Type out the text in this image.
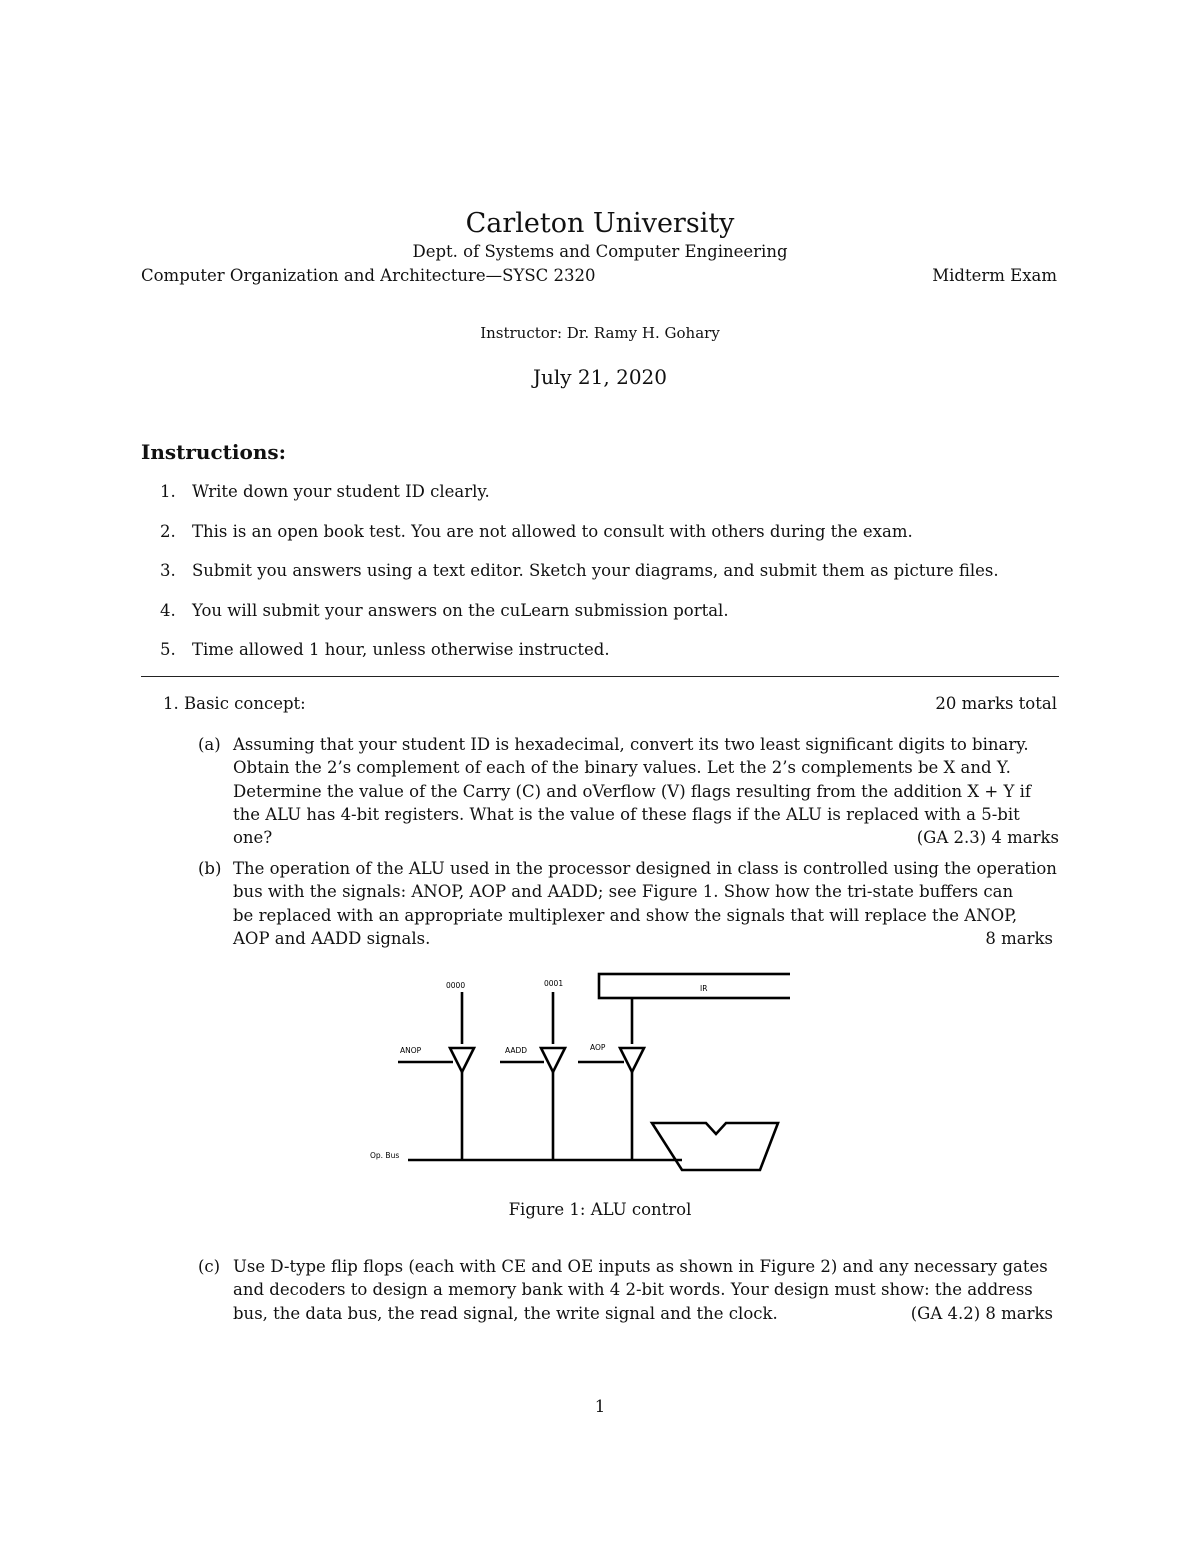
Carleton University
Dept. of Systems and Computer Engineering
Computer Organization and Architecture—SYSC 2320	Midterm Exam
Instructor: Dr. Ramy H. Gohary
July 21, 2020
Instructions:
1. Write down your student ID clearly.
2. This is an open book test. You are not allowed to consult with others during the exam.
3. Submit you answers using a text editor. Sketch your diagrams, and submit them as picture files.
4. You will submit your answers on the cuLearn submission portal.
5. Time allowed 1 hour, unless otherwise instructed.
1. Basic concept:	20 marks total
(a) Assuming that your student ID is hexadecimal, convert its two least significant digits to binary.
Obtain the 2’s complement of each of the binary values. Let the 2’s complements be X and Y.
Determine the value of the Carry (C) and oVerflow (V) flags resulting from the addition X + Y if
the ALU has 4-bit registers. What is the value of these flags if the ALU is replaced with a 5-bit
one?	(GA 2.3) 4 marks
(b) The operation of the ALU used in the processor designed in class is controlled using the operation
bus with the signals: ANOP, AOP and AADD; see Figure 1. Show how the tri-state buffers can
be replaced with an appropriate multiplexer and show the signals that will replace the ANOP,
AOP and AADD signals.	8 marks
0000	0001
IR
ANOP	AADD	AOP
Op. Bus
Figure 1: ALU control
(c) Use D-type flip flops (each with CE and OE inputs as shown in Figure 2) and any necessary gates
and decoders to design a memory bank with 4 2-bit words. Your design must show: the address
bus, the data bus, the read signal, the write signal and the clock.	(GA 4.2) 8 marks
1
